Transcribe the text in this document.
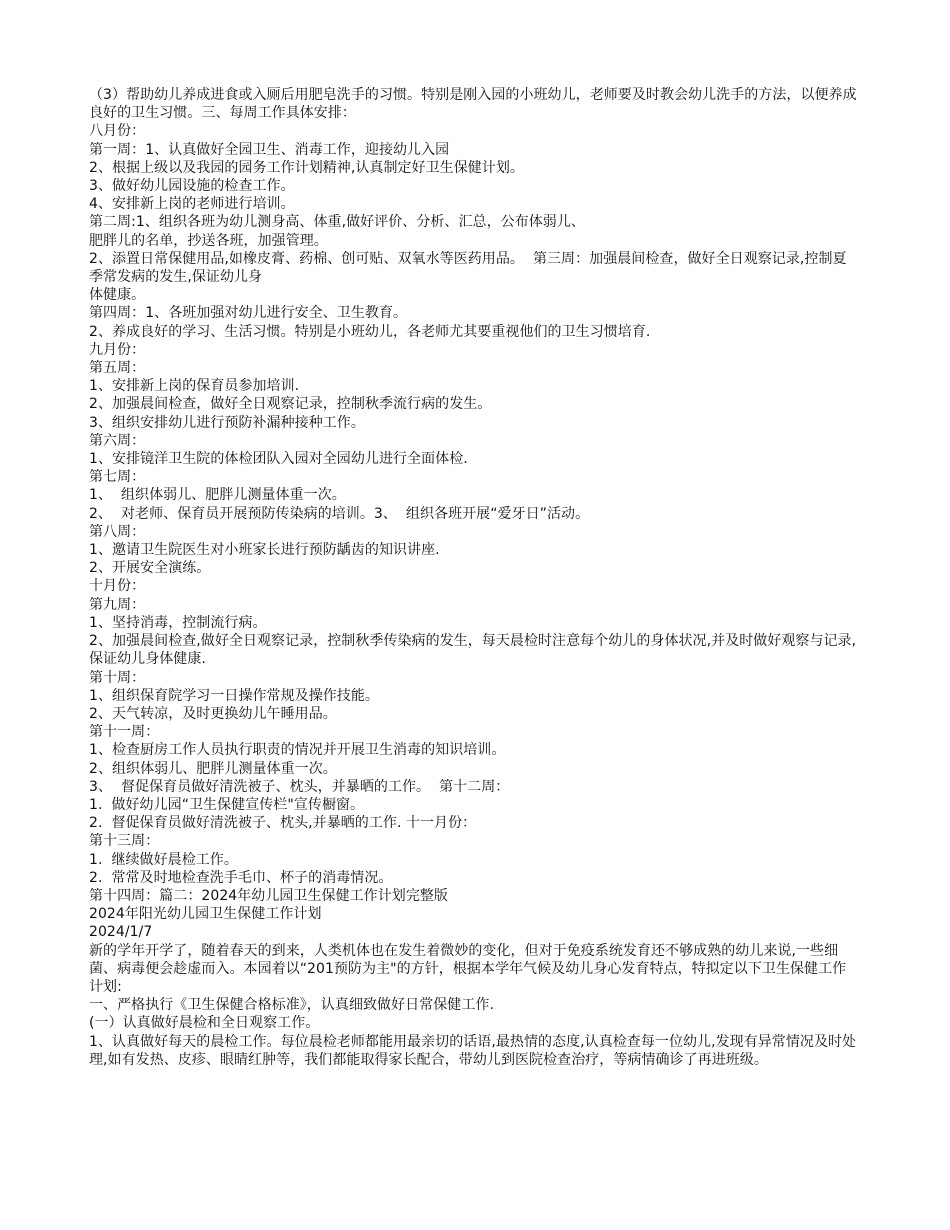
（3）帮助幼儿养成进食或入厕后用肥皂洗手的习惯。特别是刚入园的小班幼儿，老师要及时教会幼儿洗手的方法，以便养成良好的卫生习惯。三、每周工作具体安排：

八月份：

第一周：1、认真做好全园卫生、消毒工作，迎接幼儿入园

2、根据上级以及我园的园务工作计划精神,认真制定好卫生保健计划。

3、做好幼儿园设施的检查工作。

4、安排新上岗的老师进行培训。

第二周:1、组织各班为幼儿测身高、体重,做好评价、分析、汇总，公布体弱儿、

肥胖儿的名单，抄送各班，加强管理。

2、添置日常保健用品,如橡皮膏、药棉、创可贴、双氧水等医药用品。  第三周：加强晨间检查，做好全日观察记录,控制夏季常发病的发生,保证幼儿身

体健康。

第四周：1、各班加强对幼儿进行安全、卫生教育。

2、养成良好的学习、生活习惯。特别是小班幼儿，各老师尤其要重视他们的卫生习惯培育.

九月份：

第五周：

1、安排新上岗的保育员参加培训.

2、加强晨间检查，做好全日观察记录，控制秋季流行病的发生。

3、组织安排幼儿进行预防补漏种接种工作。

第六周：

1、安排镜洋卫生院的体检团队入园对全园幼儿进行全面体检.

第七周：

1、  组织体弱儿、肥胖儿测量体重一次。

2、  对老师、保育员开展预防传染病的培训。3、  组织各班开展“爱牙日”活动。

第八周：

1、邀请卫生院医生对小班家长进行预防龋齿的知识讲座.

2、开展安全演练。

十月份：

第九周：

1、坚持消毒，控制流行病。

2、加强晨间检查,做好全日观察记录，控制秋季传染病的发生，每天晨检时注意每个幼儿的身体状况,并及时做好观察与记录,保证幼儿身体健康.

第十周：

1、组织保育院学习一日操作常规及操作技能。

2、天气转凉，及时更换幼儿午睡用品。

第十一周：

1、检查厨房工作人员执行职责的情况并开展卫生消毒的知识培训。

2、组织体弱儿、肥胖儿测量体重一次。

3、  督促保育员做好清洗被子、枕头，并暴晒的工作。  第十二周：

1.  做好幼儿园“卫生保健宣传栏"宣传橱窗。

2.  督促保育员做好清洗被子、枕头,并暴晒的工作. 十一月份：

第十三周：

1.  继续做好晨检工作。

2.  常常及时地检查洗手毛巾、杯子的消毒情况。

第十四周：篇二：2024年幼儿园卫生保健工作计划完整版

2024年阳光幼儿园卫生保健工作计划

2024/1/7

新的学年开学了，随着春天的到来，人类机体也在发生着微妙的变化，但对于免疫系统发育还不够成熟的幼儿来说,一些细菌、病毒便会趁虚而入。本园着以“201预防为主"的方针，根据本学年气候及幼儿身心发育特点，特拟定以下卫生保健工作计划:

一、严格执行《卫生保健合格标准》，认真细致做好日常保健工作.

(一）认真做好晨检和全日观察工作。

1、认真做好每天的晨检工作。每位晨检老师都能用最亲切的话语,最热情的态度,认真检查每一位幼儿,发现有异常情况及时处理,如有发热、皮疹、眼睛红肿等，我们都能取得家长配合，带幼儿到医院检查治疗，等病情确诊了再进班级。
